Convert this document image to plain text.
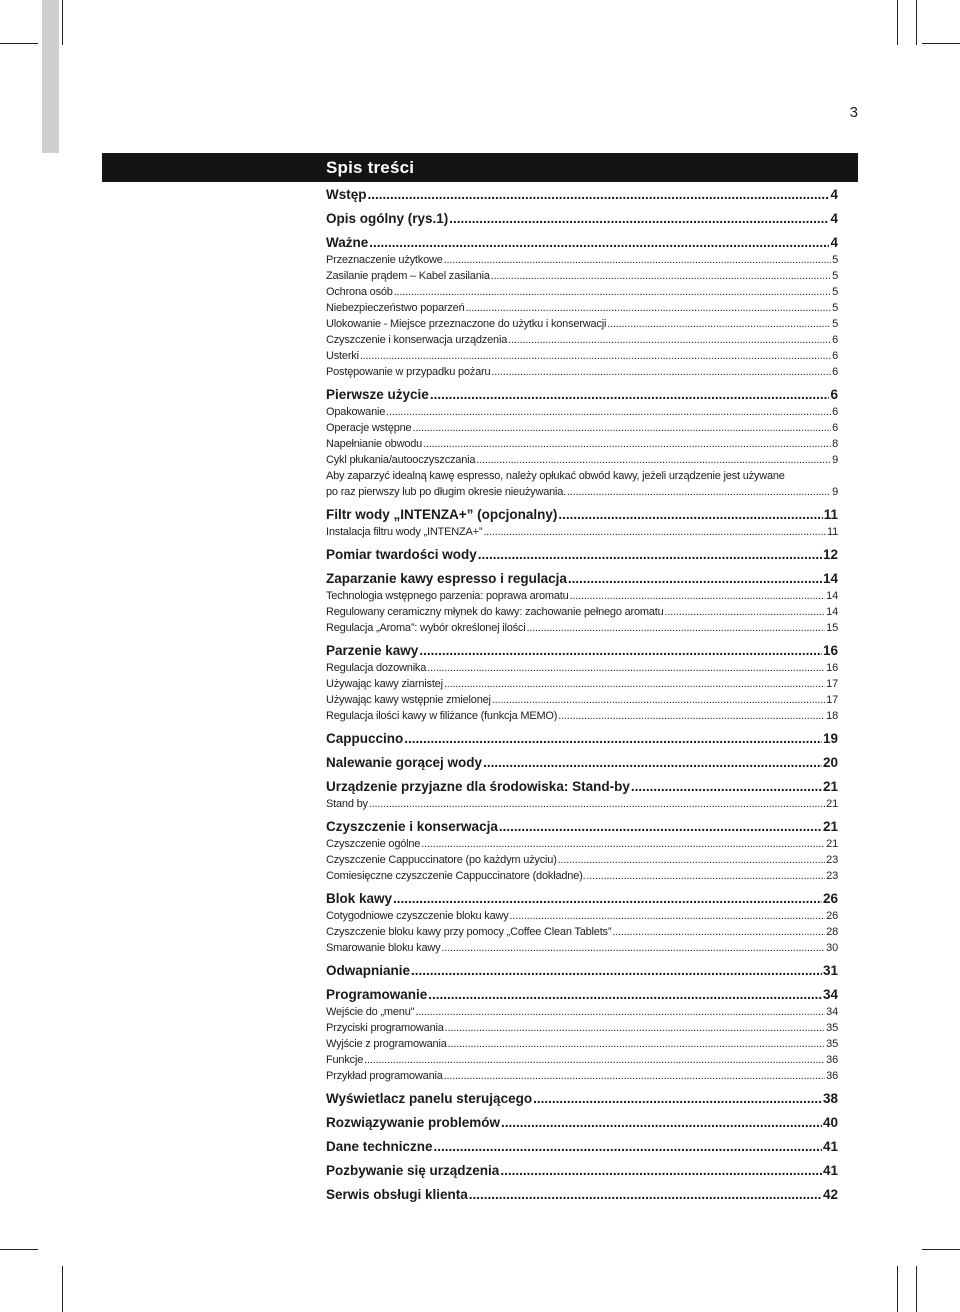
3
Spis treści
Wstęp .....	4
Opis ogólny (rys.1) .....	4
Ważne .....	4
Przeznaczenie użytkowe .....	5
Zasilanie prądem – Kabel zasilania .....	5
Ochrona osób .....	5
Niebezpieczeństwo poparzeń .....	5
Ulokowanie - Miejsce przeznaczone do użytku i konserwacji .....	5
Czyszczenie i konserwacja urządzenia .....	6
Usterki .....	6
Postępowanie w przypadku pożaru .....	6
Pierwsze użycie .....	6
Opakowanie .....	6
Operacje wstępne .....	6
Napełnianie obwodu .....	8
Cykl płukania/autooczyszczania .....	9
Aby zaparzyć idealną kawę espresso, należy opłukać obwód kawy, jeżeli urządzenie jest używane
po raz pierwszy lub po długim okresie nieużywania. .....	9
Filtr wody „INTENZA+” (opcjonalny) .....	11
Instalacja filtru wody „INTENZA+” .....	11
Pomiar twardości wody .....	12
Zaparzanie kawy espresso i regulacja .....	14
Technologia wstępnego parzenia: poprawa aromatu .....	14
Regulowany ceramiczny młynek do kawy: zachowanie pełnego aromatu .....	14
Regulacja „Aroma”: wybór określonej ilości .....	15
Parzenie kawy .....	16
Regulacja dozownika .....	16
Używając kawy ziarnistej .....	17
Używając kawy wstępnie zmielonej .....	17
Regulacja ilości kawy w filiżance (funkcja MEMO) .....	18
Cappuccino .....	19
Nalewanie gorącej wody .....	20
Urządzenie przyjazne dla środowiska: Stand-by .....	21
Stand by .....	21
Czyszczenie i konserwacja .....	21
Czyszczenie ogólne .....	21
Czyszczenie Cappuccinatore (po każdym użyciu) .....	23
Comiesięczne czyszczenie Cappuccinatore (dokładne). .....	23
Blok kawy .....	26
Cotygodniowe czyszczenie bloku kawy .....	26
Czyszczenie bloku kawy przy pomocy „Coffee Clean Tablets” .....	28
Smarowanie bloku kawy .....	30
Odwapnianie .....	31
Programowanie .....	34
Wejście do „menu" .....	34
Przyciski programowania .....	35
Wyjście z programowania .....	35
Funkcje .....	36
Przykład programowania .....	36
Wyświetlacz panelu sterującego .....	38
Rozwiązywanie problemów .....	40
Dane techniczne .....	41
Pozbywanie się urządzenia .....	41
Serwis obsługi klienta .....	42
